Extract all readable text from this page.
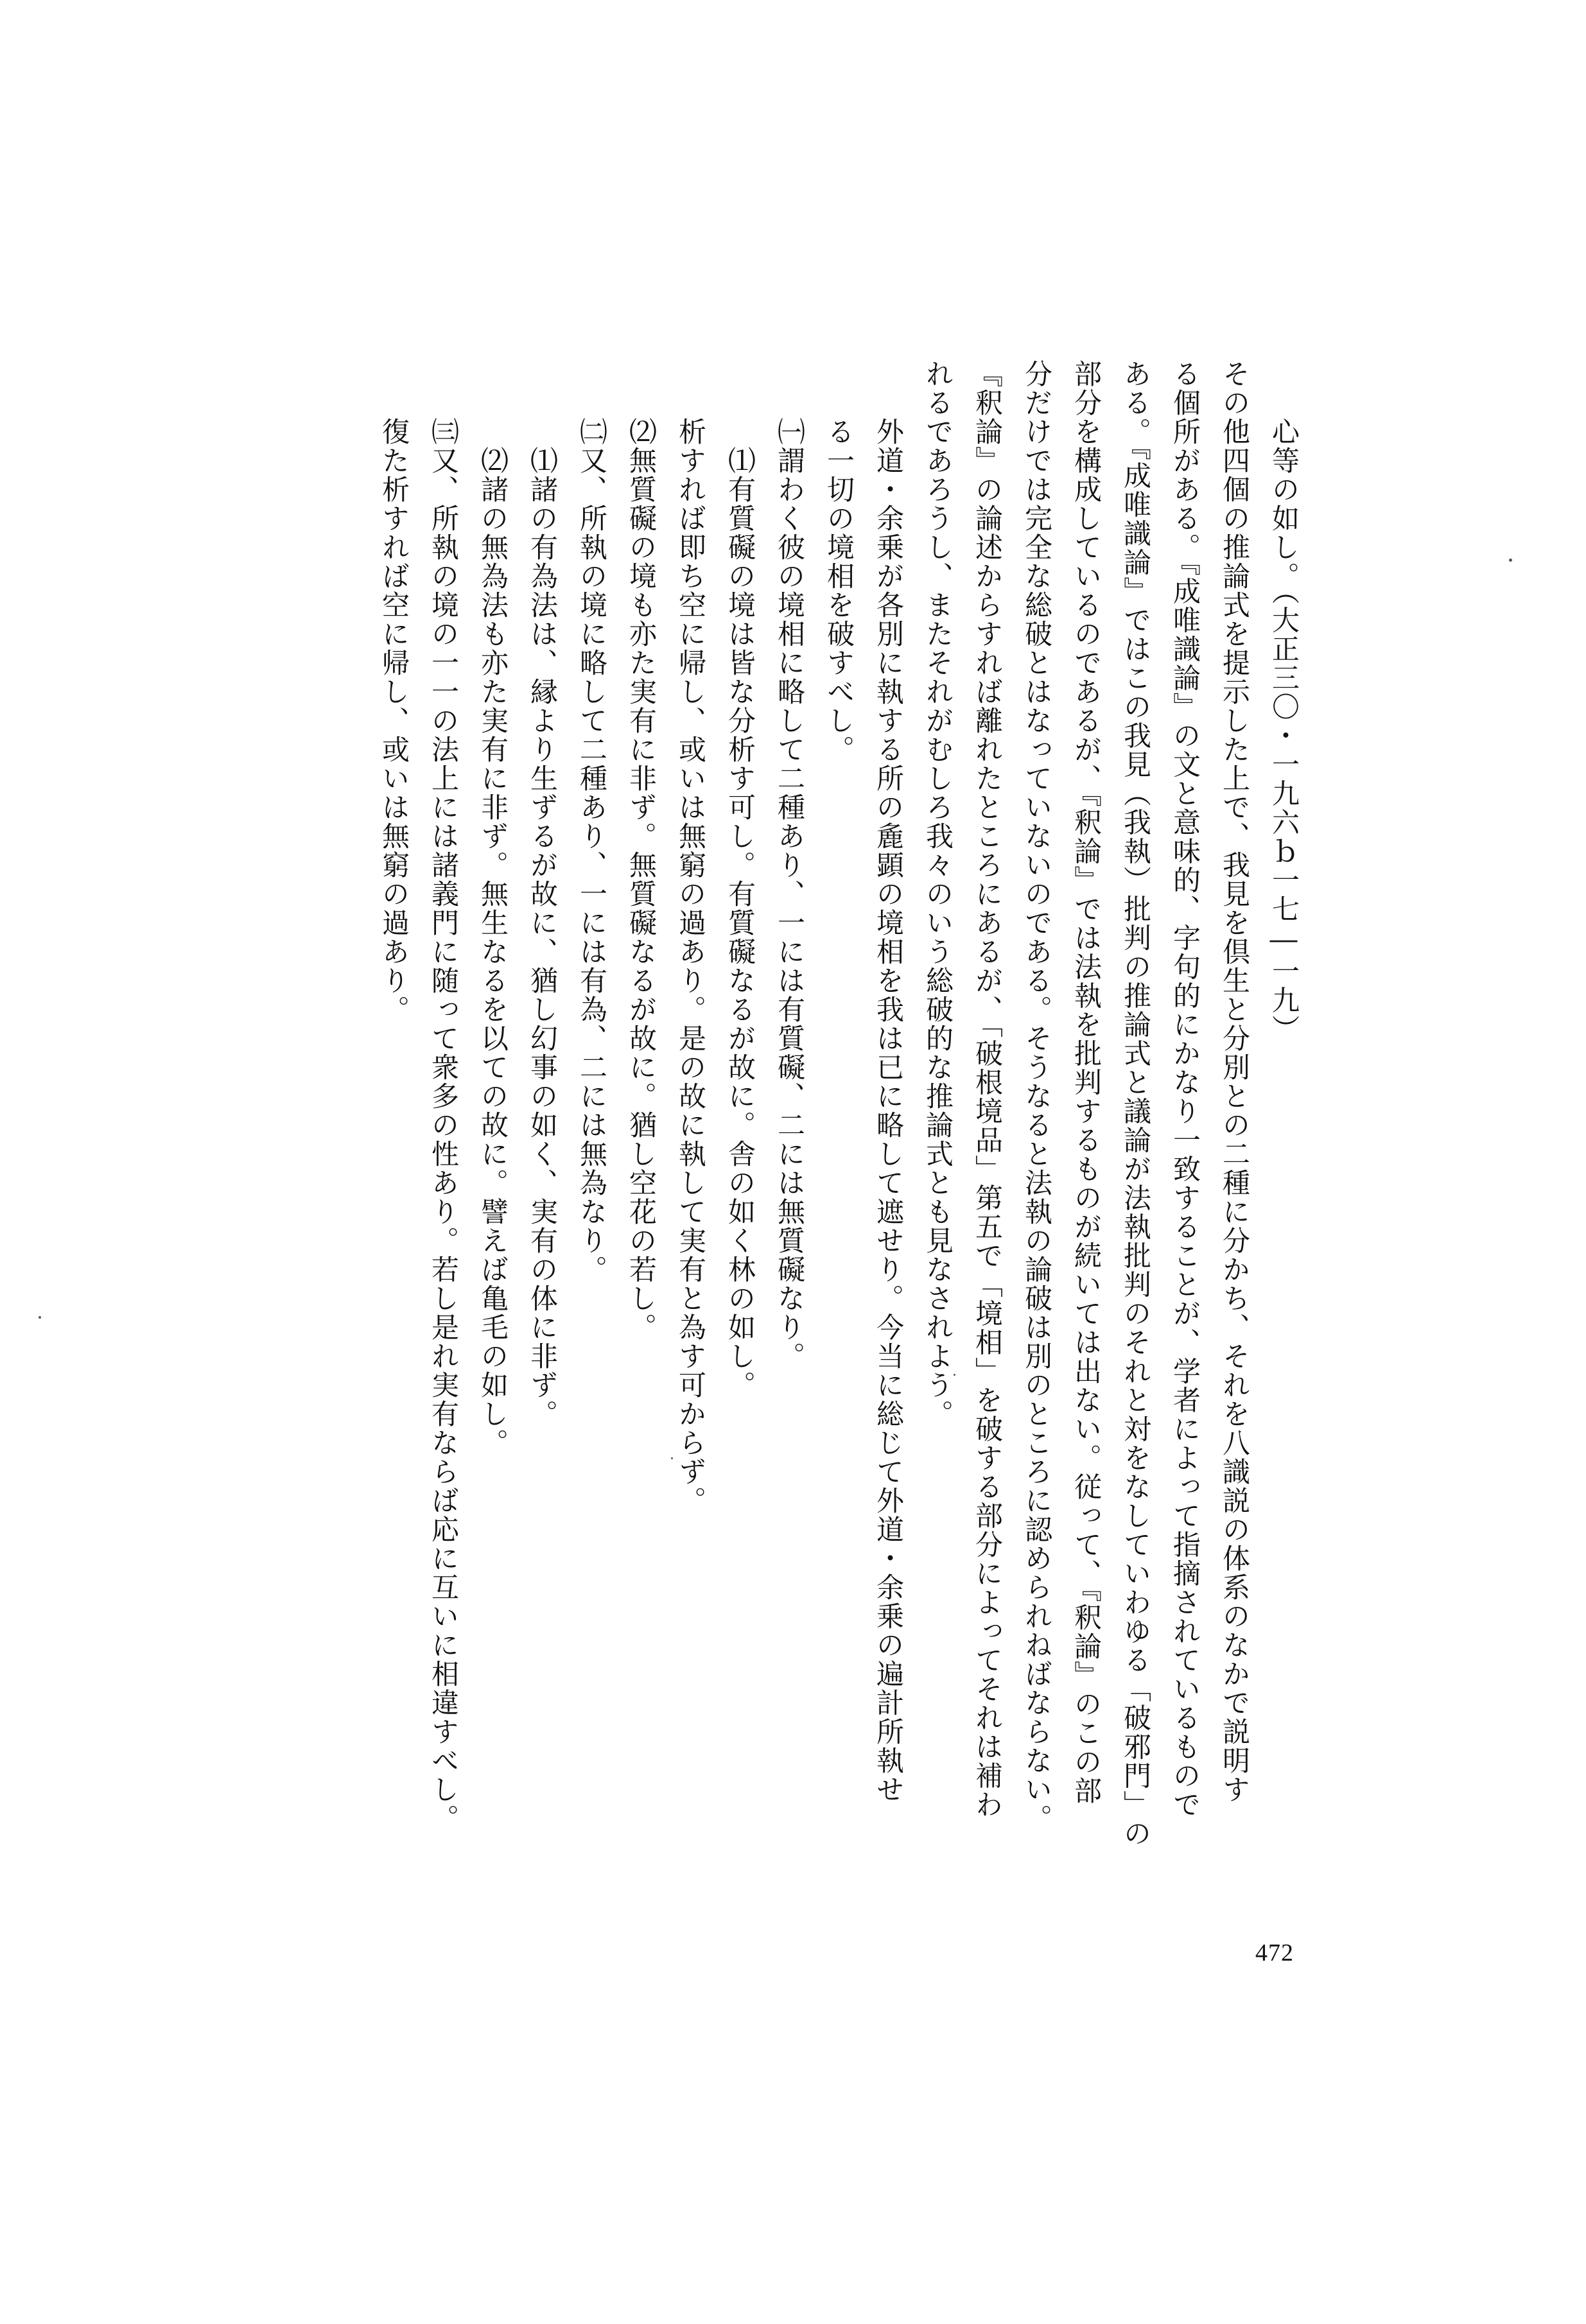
心等の如し。（大正三〇・一九六ｂ一七―一九）
その他四個の推論式を提示した上で、我見を倶生と分別との二種に分かち、それを八識説の体系のなかで説明す
る個所がある。『成唯識論』の文と意味的、字句的にかなり一致することが、学者によって指摘されているもので
ある。『成唯識論』ではこの我見（我執）批判の推論式と議論が法執批判のそれと対をなしていわゆる「破邪門」の
部分を構成しているのであるが、『釈論』では法執を批判するものが続いては出ない。従って、『釈論』のこの部
分だけでは完全な総破とはなっていないのである。そうなると法執の論破は別のところに認められねばならない。
『釈論』の論述からすれば離れたところにあるが、「破根境品」第五で「境相」を破する部分によってそれは補わ
れるであろうし、またそれがむしろ我々のいう総破的な推論式とも見なされよう。
外道・余乗が各別に執する所の麁顕の境相を我は已に略して遮せり。今当に総じて外道・余乗の遍計所執せ
る一切の境相を破すべし。
㈠謂わく彼の境相に略して二種あり、一には有質礙、二には無質礙なり。
⑴有質礙の境は皆な分析す可し。有質礙なるが故に。舎の如く林の如し。
析すれば即ち空に帰し、或いは無窮の過あり。是の故に執して実有と為す可からず。
⑵無質礙の境も亦た実有に非ず。無質礙なるが故に。猶し空花の若し。
㈡又、所執の境に略して二種あり、一には有為、二には無為なり。
⑴諸の有為法は、縁より生ずるが故に、猶し幻事の如く、実有の体に非ず。
⑵諸の無為法も亦た実有に非ず。無生なるを以ての故に。譬えば亀毛の如し。
㈢又、所執の境の一一の法上には諸義門に随って衆多の性あり。若し是れ実有ならば応に互いに相違すべし。
復た析すれば空に帰し、或いは無窮の過あり。
472
